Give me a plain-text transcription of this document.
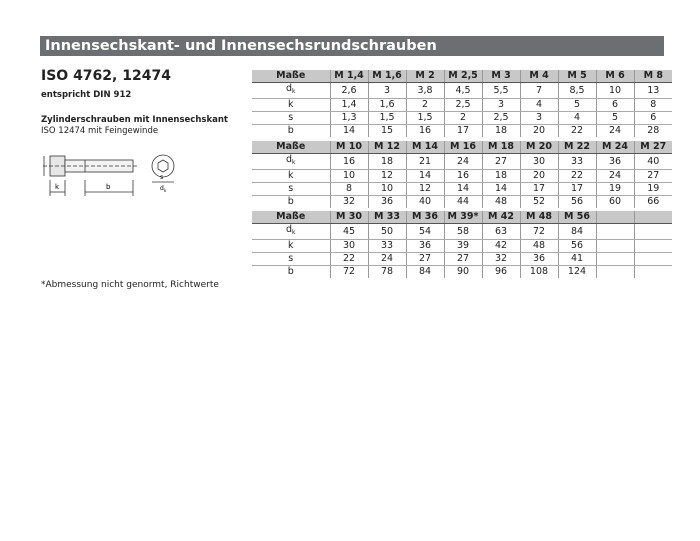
Innensechskant- und Innensechsrundschrauben
ISO 4762, 12474
entspricht DIN 912
Zylinderschrauben mit Innensechskant
ISO 12474 mit Feingewinde
k	b
s
d k
*Abmessung nicht genormt, Richtwerte
Maße	M 1,4	M 1,6	M 2	M 2,5	M 3	M 4	M 5	M 6	M 8
$d_k$	2,6	3	3,8	4,5	5,5	7	8,5	10	13
k	1,4	1,6	2	2,5	3	4	5	6	8
s	1,3	1,5	1,5	2	2,5	3	4	5	6
b	14	15	16	17	18	20	22	24	28
Maße	M 10	M 12	M 14	M 16	M 18	M 20	M 22	M 24	M 27
$d_k$	16	18	21	24	27	30	33	36	40
k	10	12	14	16	18	20	22	24	27
s	8	10	12	14	14	17	17	19	19
b	32	36	40	44	48	52	56	60	66
Maße	M 30	M 33	M 36	M 39*	M 42	M 48	M 56		
$d_k$	45	50	54	58	63	72	84		
k	30	33	36	39	42	48	56		
s	22	24	27	27	32	36	41		
b	72	78	84	90	96	108	124		
